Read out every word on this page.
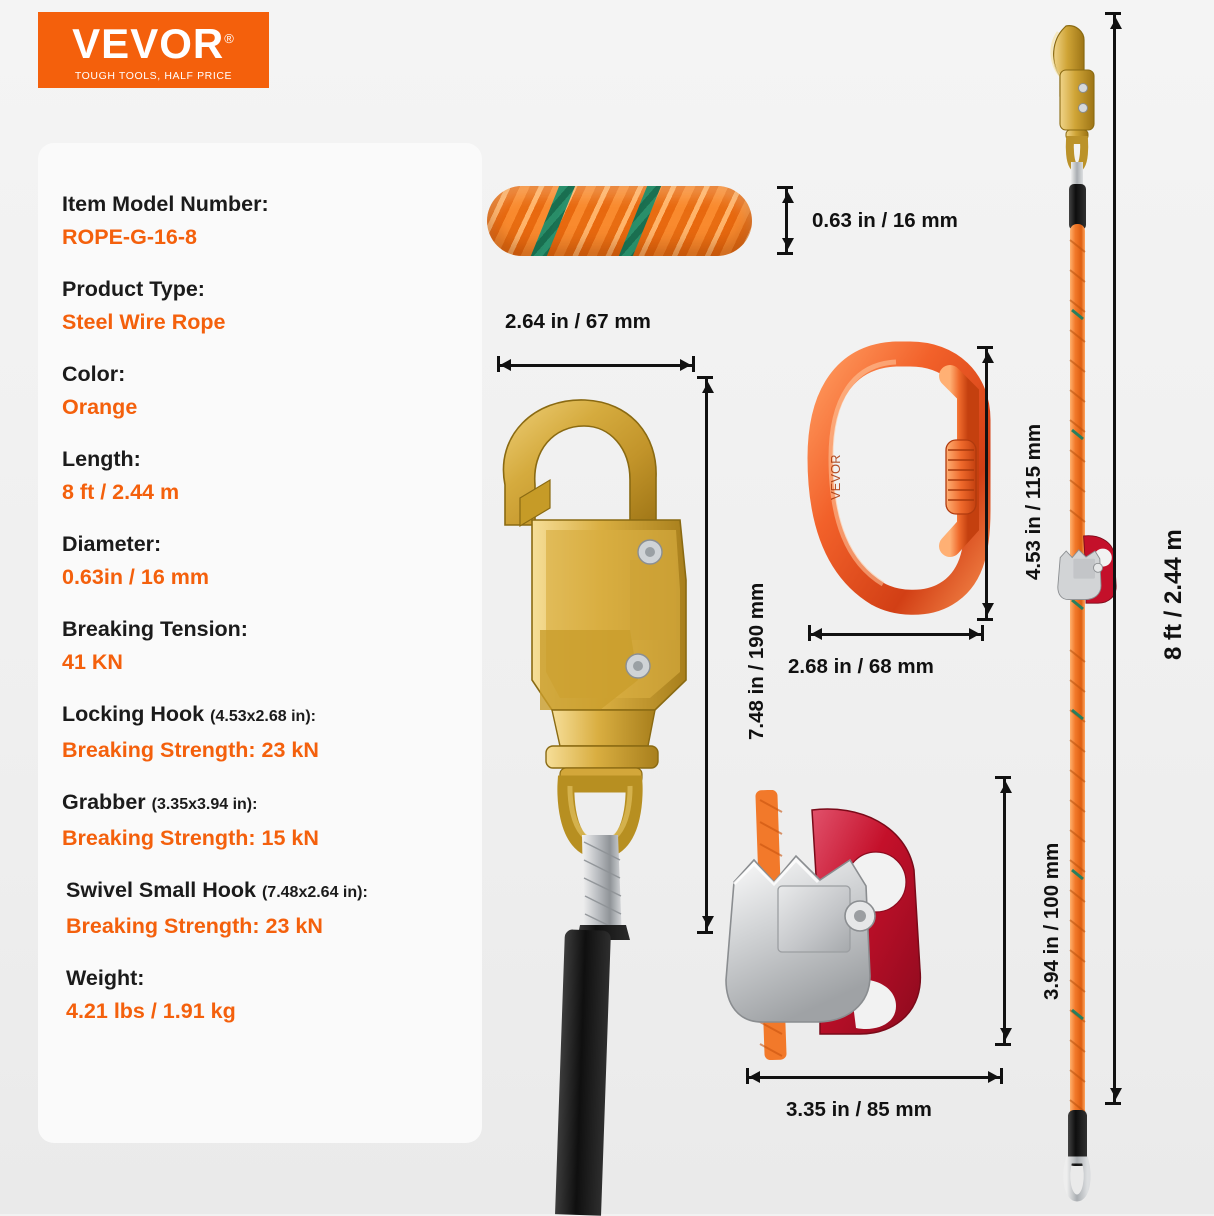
VEVOR®
TOUGH TOOLS, HALF PRICE
Item Model Number:
ROPE-G-16-8
Product Type:
Steel Wire Rope
Color:
Orange
Length:
8 ft / 2.44 m
Diameter:
0.63in / 16 mm
Breaking Tension:
41 KN
Locking Hook (4.53x2.68 in):
Breaking Strength: 23 kN
Grabber (3.35x3.94 in):
Breaking Strength: 15 kN
Swivel Small Hook (7.48x2.64 in):
Breaking Strength: 23 kN
Weight:
4.21 lbs / 1.91 kg
0.63 in / 16 mm
2.64 in / 67 mm
7.48 in / 190 mm
VEVOR	4.53 in / 115 mm
2.68 in / 68 mm
3.94 in / 100 mm
3.35 in / 85 mm
8 ft / 2.44 m
